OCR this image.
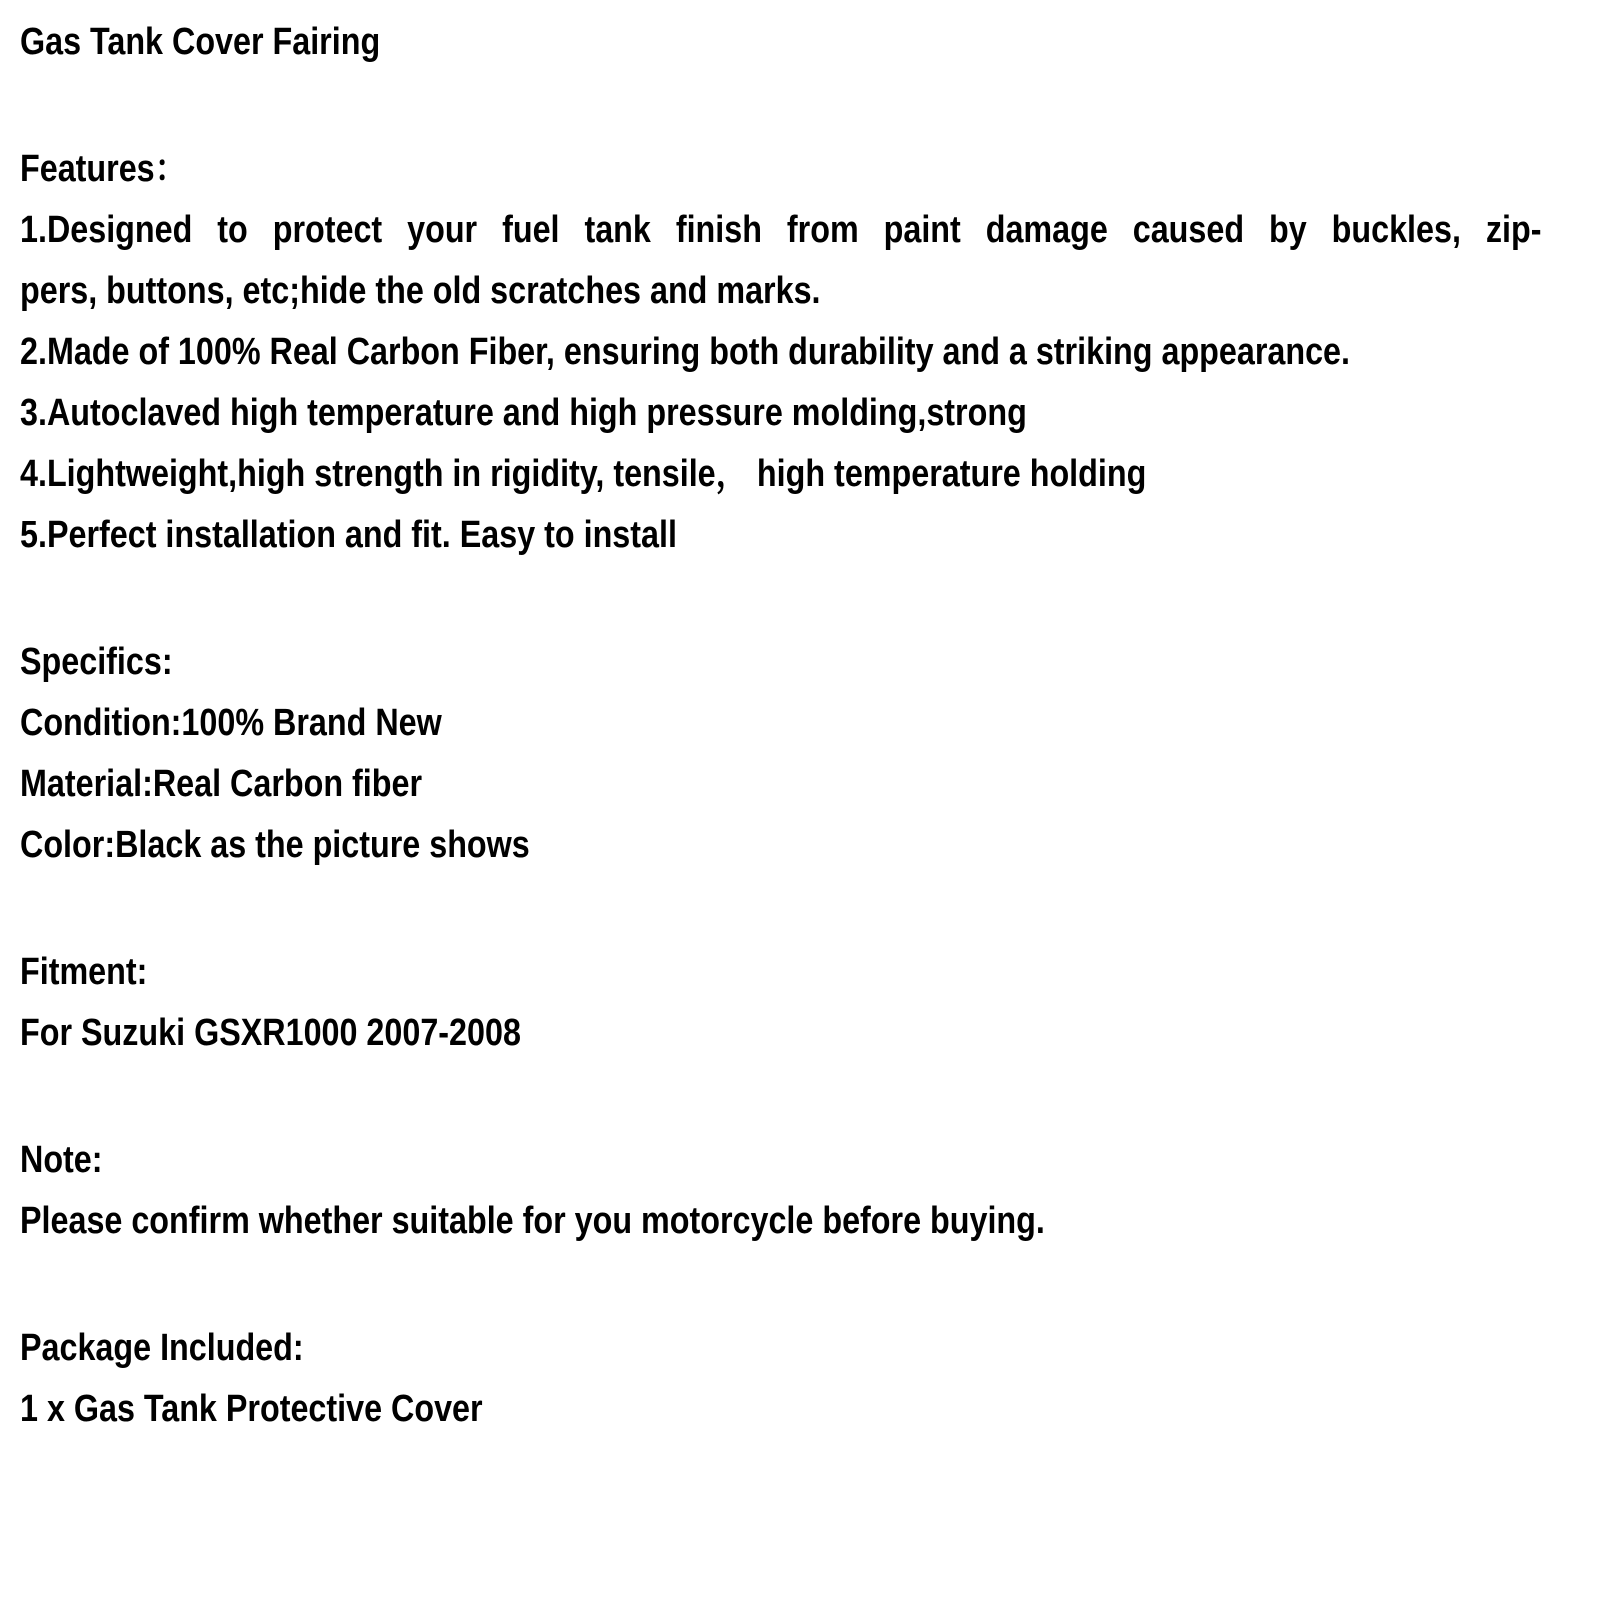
Gas Tank Cover Fairing

Features：

1.Designed to protect your fuel tank finish from paint damage caused by buckles, zip-

pers, buttons, etc;hide the old scratches and marks.

2.Made of 100% Real Carbon Fiber, ensuring both durability and a striking appearance.

3.Autoclaved high temperature and high pressure molding,strong

4.Lightweight,high strength in rigidity, tensile， high temperature holding

5.Perfect installation and fit. Easy to install

Specifics:

Condition:100% Brand New

Material:Real Carbon fiber

Color:Black as the picture shows

Fitment:

For Suzuki GSXR1000 2007-2008

Note:

Please confirm whether suitable for you motorcycle before buying.

Package Included:

1 x Gas Tank Protective Cover
